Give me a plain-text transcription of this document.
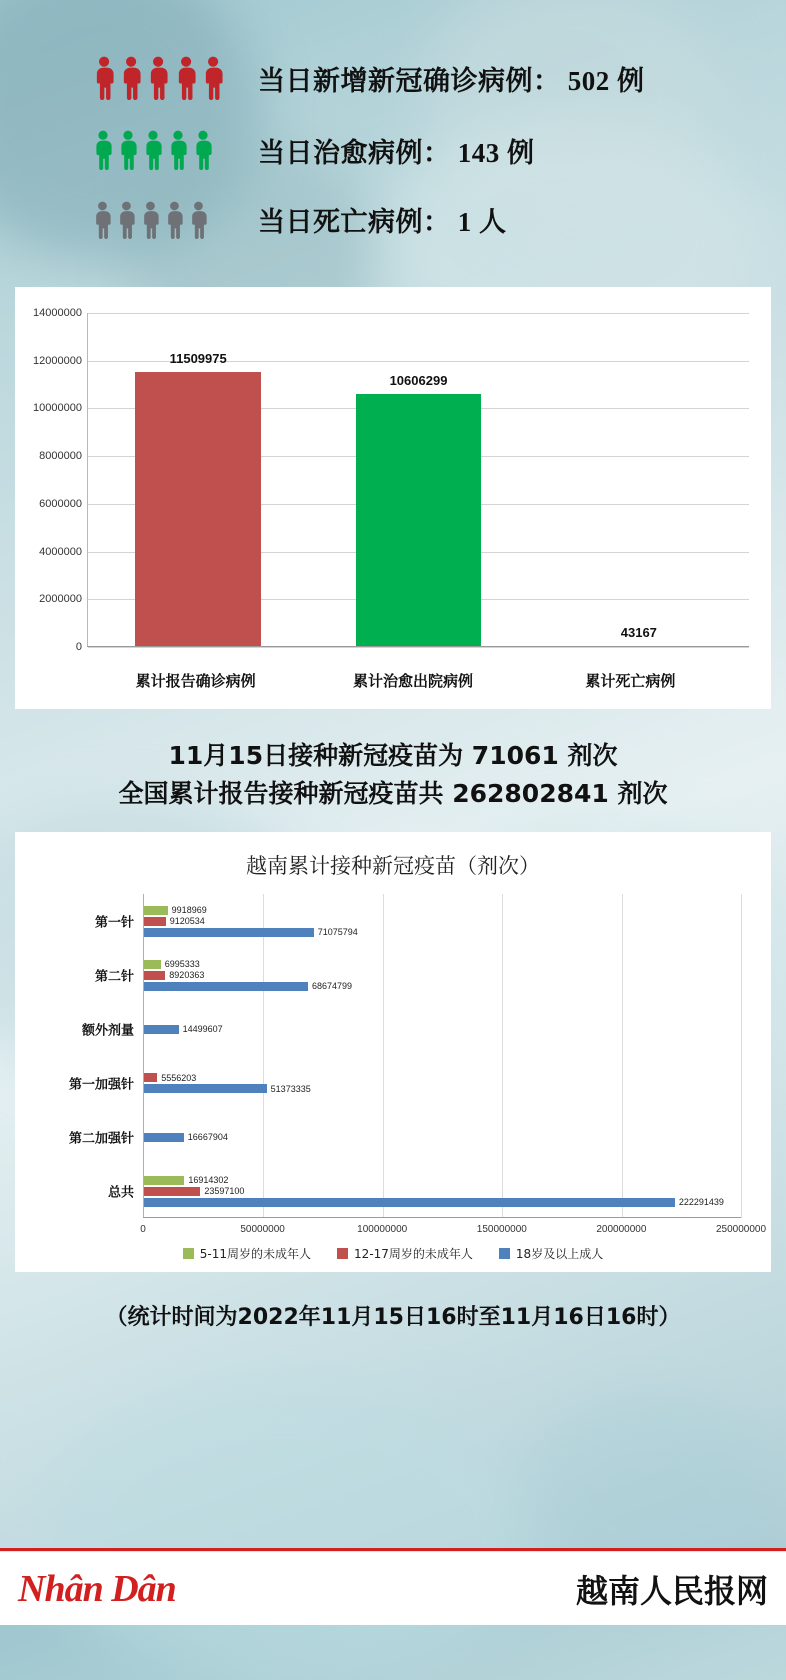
当日新增新冠确诊病例： 502 例
当日治愈病例： 143 例
当日死亡病例： 1 人
0
2000000
4000000
6000000
8000000
10000000
12000000
14000000
11509975
10606299
43167
累计报告确诊病例	累计治愈出院病例	累计死亡病例
11月15日接种新冠疫苗为 71061 剂次
全国累计报告接种新冠疫苗共 262802841 剂次
越南累计接种新冠疫苗（剂次）
第一针
9918969
9120534
71075794
第二针
6995333
8920363
68674799
额外剂量	14499607
第一加强针	5556203
51373335
第二加强针	16667904
总共
16914302
23597100
222291439
0	50000000	100000000	150000000	200000000	250000000
5-11周岁的未成年人	12-17周岁的未成年人	18岁及以上成人
（统计时间为2022年11月15日16时至11月16日16时）
Nhân Dân	越南人民报网
